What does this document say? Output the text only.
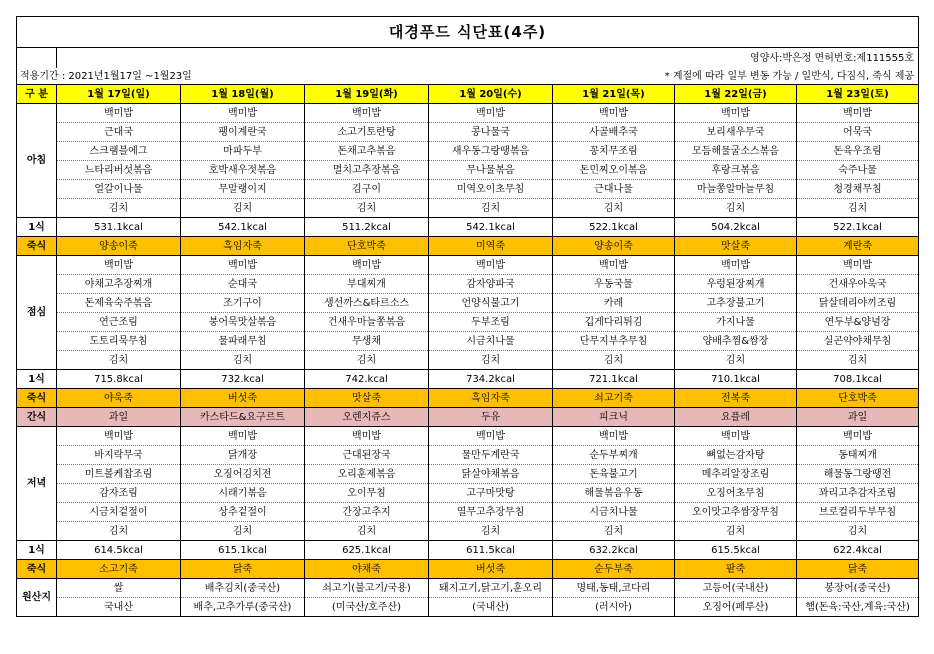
대경푸드 식단표(4주)							
	영양사:박은정 면허번호:제111555호						
적용기간 : 2021년1월17일 ~1월23일			* 계절에 따라 일부 변동 가능 / 일반식, 다짐식, 죽식 제공				
구 분	1월 17일(일)	1월 18일(월)	1월 19일(화)	1월 20일(수)	1월 21일(목)	1월 22일(금)	1월 23일(토)
아침	백미밥	백미밥	백미밥	백미밥	백미밥	백미밥	백미밥
	근대국	팽이계란국	소고기토란탕	콩나물국	사골배추국	보리새우무국	어묵국
	스크램블에그	마파두부	돈채고추볶음	새우동그랑땡볶음	꽁치무조림	모듬해물굴소스볶음	돈육우조림
	느타리버섯볶음	호박새우젓볶음	멸치고추장볶음	무나물볶음	돈민찌오이볶음	후랑크볶음	숙주나물
	얼갈이나물	무말랭이지	김구이	미역오이초무침	근대나물	마늘쫑알마늘무침	청경채무침
	김치	김치	김치	김치	김치	김치	김치
1식	531.1kcal	542.1kcal	511.2kcal	542.1kcal	522.1kcal	504.2kcal	522.1kcal
죽식	양송이죽	흑임자죽	단호박죽	미역죽	양송이죽	맛살죽	계란죽
점심	백미밥	백미밥	백미밥	백미밥	백미밥	백미밥	백미밥
	야채고추장찌개	순대국	부대찌개	감자양파국	우동국물	우렁된장찌개	건새우아욱국
	돈제육숙주볶음	조기구이	생선까스&타르소스	언양식불고기	카레	고추장불고기	닭살데리야끼조림
	연근조림	붕어묵맛살볶음	건새우마늘쫑볶음	두부조림	깁게다리튀김	가지나물	연두부&양념장
	도토리묵무침	물파래무침	무생채	시금치나물	단무지부추무침	양배추찜&쌈장	실곤약야채무침
	김치	김치	김치	김치	김치	김치	김치
1식	715.8kcal	732.kcal	742.kcal	734.2kcal	721.1kcal	710.1kcal	708.1kcal
죽식	야욱죽	버섯죽	맛살죽	흑임자죽	쇠고기죽	전복죽	단호박죽
간식	과일	카스타드&요구르트	오렌지쥬스	두유	피크닉	요플레	과일
저녁	백미밥	백미밥	백미밥	백미밥	백미밥	백미밥	백미밥
	바지락무국	닭개장	근대된장국	물만두계란국	순두부찌개	뼈없는감자탕	동태찌개
	미트볼케찹조림	오징어김치전	오리훈제볶음	닭살야채볶음	돈육불고기	메추리알장조림	해물동그랑땡전
	감자조림	시래기볶음	오이무침	고구마맛탕	해물볶음우동	오징어초무침	꽈리고추감자조림
	시금치겉절이	상추겉절이	간장고추지	열무고추장무침	시금치나물	오이맛고추쌈장무침	브로컬리두부무침
	김치	김치	김치	김치	김치	김치	김치
1식	614.5kcal	615.1kcal	625.1kcal	611.5kcal	632.2kcal	615.5kcal	622.4kcal
죽식	소고기죽	닭죽	야채죽	버섯죽	순두부죽	팥죽	닭죽
원산지	쌀	배추김치(중국산)	쇠고기(불고기/국용)	돼지고기,닭고기,훈오리	명태,동태,코다리	고등어(국내산)	봉장어(중국산)
	국내산	배추,고추가루(중국산)	(미국산/호주산)	(국내산)	(러시아)	오징어(페루산)	햄(돈육:국산,계육:국산)
